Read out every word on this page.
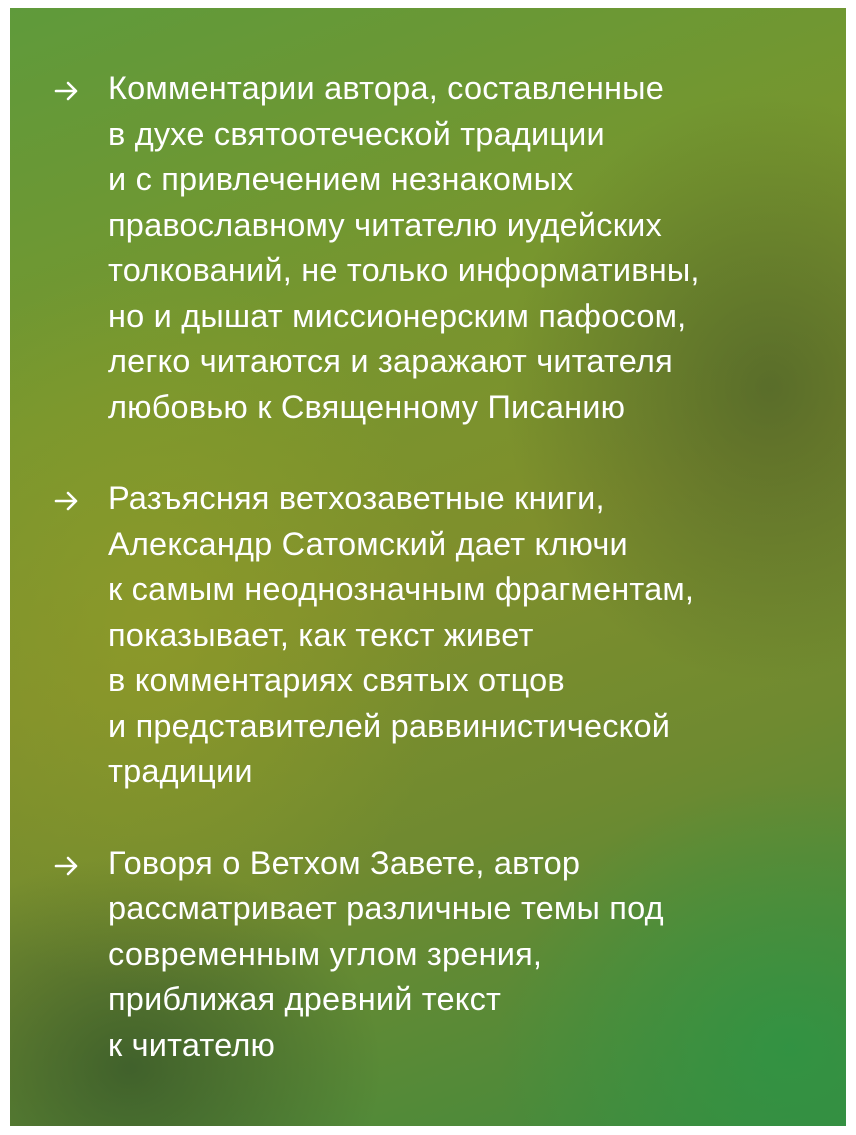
Комментарии автора, составленные
в духе святоотеческой традиции
и с привлечением незнакомых
православному читателю иудейских
толкований, не только информативны,
но и дышат миссионерским пафосом,
легко читаются и заражают читателя
любовью к Священному Писанию
Разъясняя ветхозаветные книги,
Александр Сатомский дает ключи
к самым неоднозначным фрагментам,
показывает, как текст живет
в комментариях святых отцов
и представителей раввинистической
традиции
Говоря о Ветхом Завете, автор
рассматривает различные темы под
современным углом зрения,
приближая древний текст
к читателю
